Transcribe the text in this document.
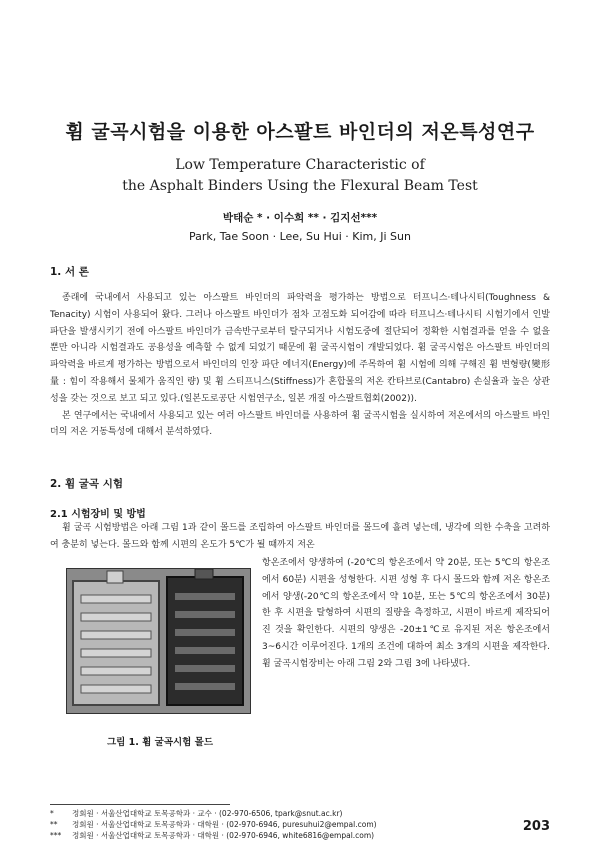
휨 굴곡시험을 이용한 아스팔트 바인더의 저온특성연구
Low Temperature Characteristic of
the Asphalt Binders Using the Flexural Beam Test
박태순 * · 이수희 ** · 김지선***
Park, Tae Soon · Lee, Su Hui · Kim, Ji Sun
1. 서 론

종래에 국내에서 사용되고 있는 아스팔트 바인더의 파악력을 평가하는 방법으로 터프니스·테나시티(Toughness & Tenacity) 시험이 사용되어 왔다. 그러나 아스팔트 바인더가 점차 고점도화 되어감에 따라 터프니스·테나시티 시험기에서 인발파단을 발생시키기 전에 아스팔트 바인더가 금속반구로부터 탈구되거나 시험도중에 절단되어 정확한 시험결과를 얻을 수 없을 뿐만 아니라 시험결과도 공용성을 예측할 수 없게 되었기 때문에 휨 굴곡시험이 개발되었다. 휨 굴곡시험은 아스팔트 바인더의 파악력을 바르게 평가하는 방법으로서 바인더의 인장 파단 에너지(Energy)에 주목하여 휨 시험에 의해 구해진 휨 변형량(變形量 : 힘이 작용해서 물체가 움직인 량) 및 휨 스티프니스(Stiffness)가 혼합물의 저온 칸타브로(Cantabro) 손실율과 높은 상관성을 갖는 것으로 보고 되고 있다.(일본도로공단 시험연구소, 일본 개질 아스팔트협회(2002)).

본 연구에서는 국내에서 사용되고 있는 여러 아스팔트 바인더를 사용하여 휨 굴곡시험을 실시하여 저온에서의 아스팔트 바인더의 저온 거동특성에 대해서 분석하였다.

2. 휨 굴곡 시험
2.1 시험장비 및 방법

휨 굴곡 시험방법은 아래 그림 1과 같이 몰드를 조립하여 아스팔트 바인더를 몰드에 흘려 넣는데, 냉각에 의한 수축을 고려하여 충분히 넣는다. 몰드와 함께 시편의 온도가 5℃가 될 때까지 저온

그림 1. 휨 굴곡시험 몰드
항온조에서 양생하여 (-20℃의 항온조에서 약 20분, 또는 5℃의 항온조에서 60분) 시편을 성형한다. 시편 성형 후 다시 몰드와 함께 저온 항온조에서 양생(-20℃의 항온조에서 약 10분, 또는 5℃의 항온조에서 30분) 한 후 시편을 탈형하여 시편의 질량을 측정하고, 시편이 바르게 제작되어진 것을 확인한다. 시편의 양생은 -20±1℃로 유지된 저온 항온조에서 3~6시간 이루어진다. 1개의 조건에 대하여 최소 3개의 시편을 제작한다. 휨 굴곡시험장비는 아래 그림 2와 그림 3에 나타냈다.
* 정회원 · 서울산업대학교 토목공학과 · 교수 · (02-970-6506, tpark@snut.ac.kr)
** 정회원 · 서울산업대학교 토목공학과 · 대학원 · (02-970-6946, puresuhui2@empal.com)
*** 정회원 · 서울산업대학교 토목공학과 · 대학원 · (02-970-6946, white6816@empal.com)
203
